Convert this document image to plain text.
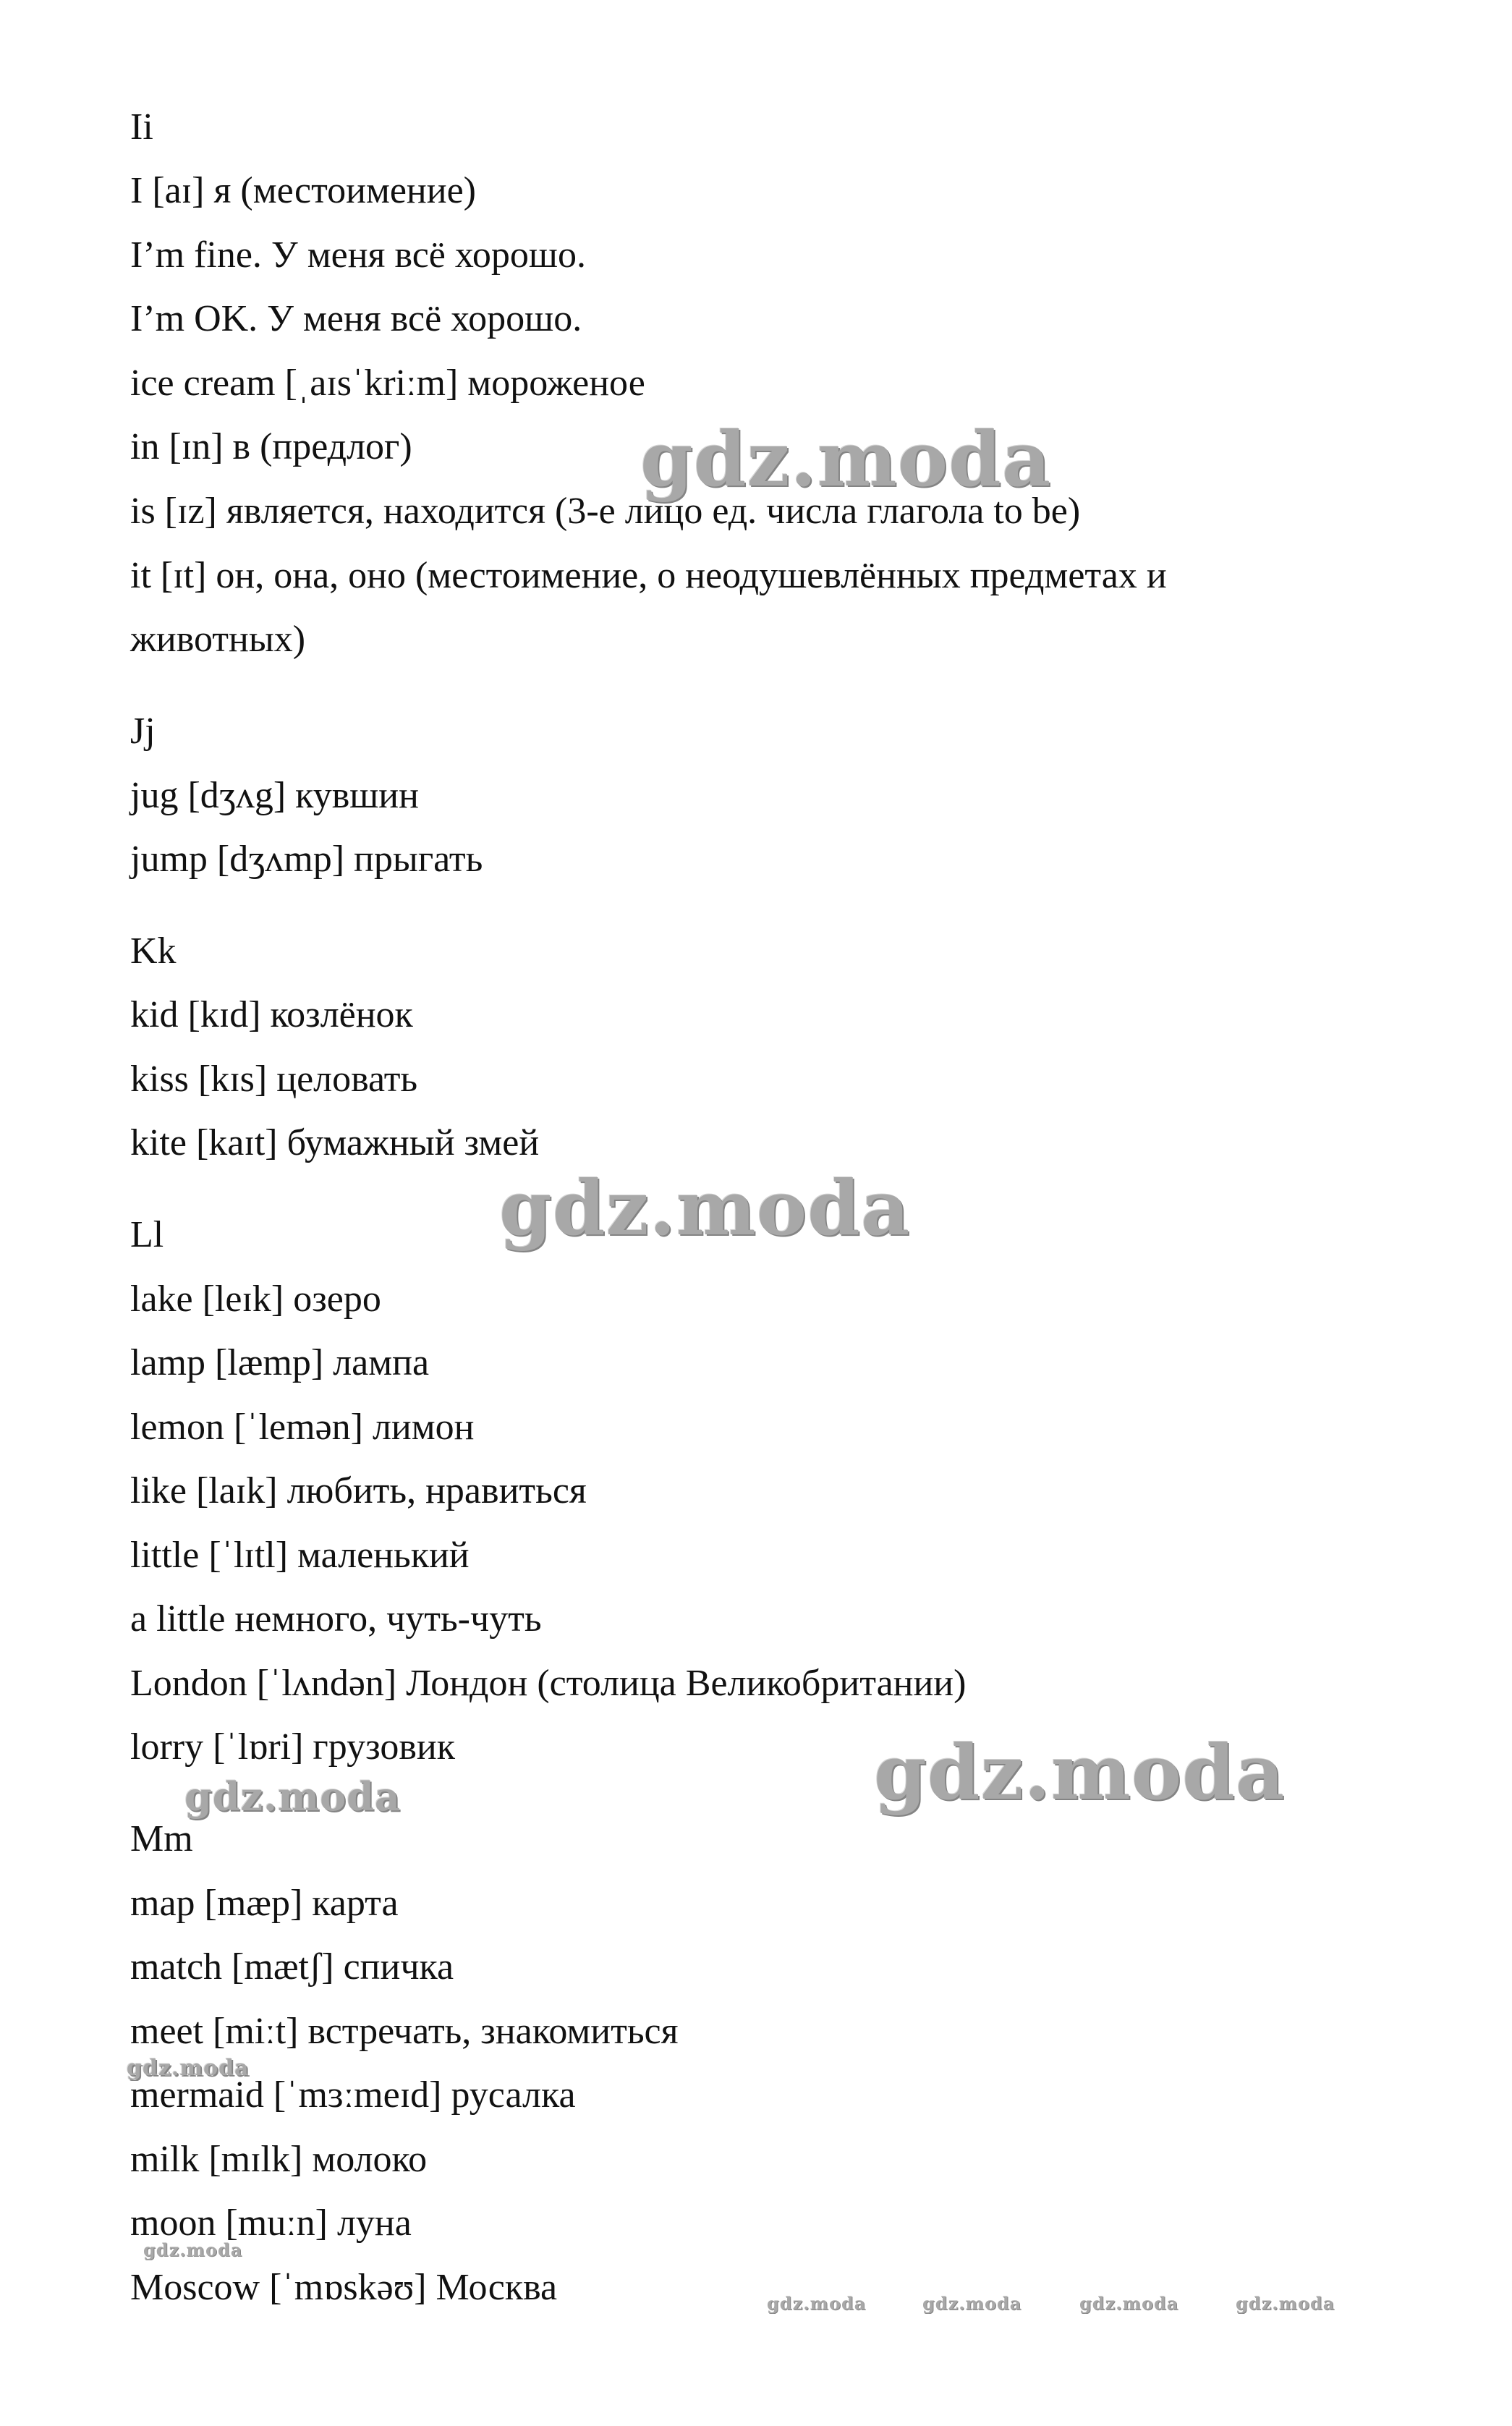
Ii
I [aɪ] я (местоимение)
I’m fine. У меня всё хорошо.
I’m OK. У меня всё хорошо.
ice cream [ˌaɪsˈkriːm] мороженое
in [ɪn] в (предлог)
is [ɪz] является, находится (3-е лицо ед. числа глагола to be)
it [ɪt] он, она, оно (местоимение, о неодушевлённых предметах и
животных)
Jj
jug [dʒʌg] кувшин
jump [dʒʌmp] прыгать
Kk
kid [kɪd] козлёнок
kiss [kɪs] целовать
kite [kaɪt] бумажный змей
Ll
lake [leɪk] озеро
lamp [læmp] лампа
lemon [ˈlemən] лимон
like [laɪk] любить, нравиться
little [ˈlɪtl] маленький
a little немного, чуть-чуть
London [ˈlʌndən] Лондон (столица Великобритании)
lorry [ˈlɒri] грузовик
Mm
map [mæp] карта
match [mætʃ] спичка
meet [miːt] встречать, знакомиться
mermaid [ˈmɜːmeɪd] русалка
milk [mɪlk] молоко
moon [muːn] луна
Moscow [ˈmɒskəʊ] Москва
gdz.moda
gdz.moda
gdz.moda
gdz.moda
gdz.moda
gdz.moda
gdz.moda	gdz.moda	gdz.moda	gdz.moda
